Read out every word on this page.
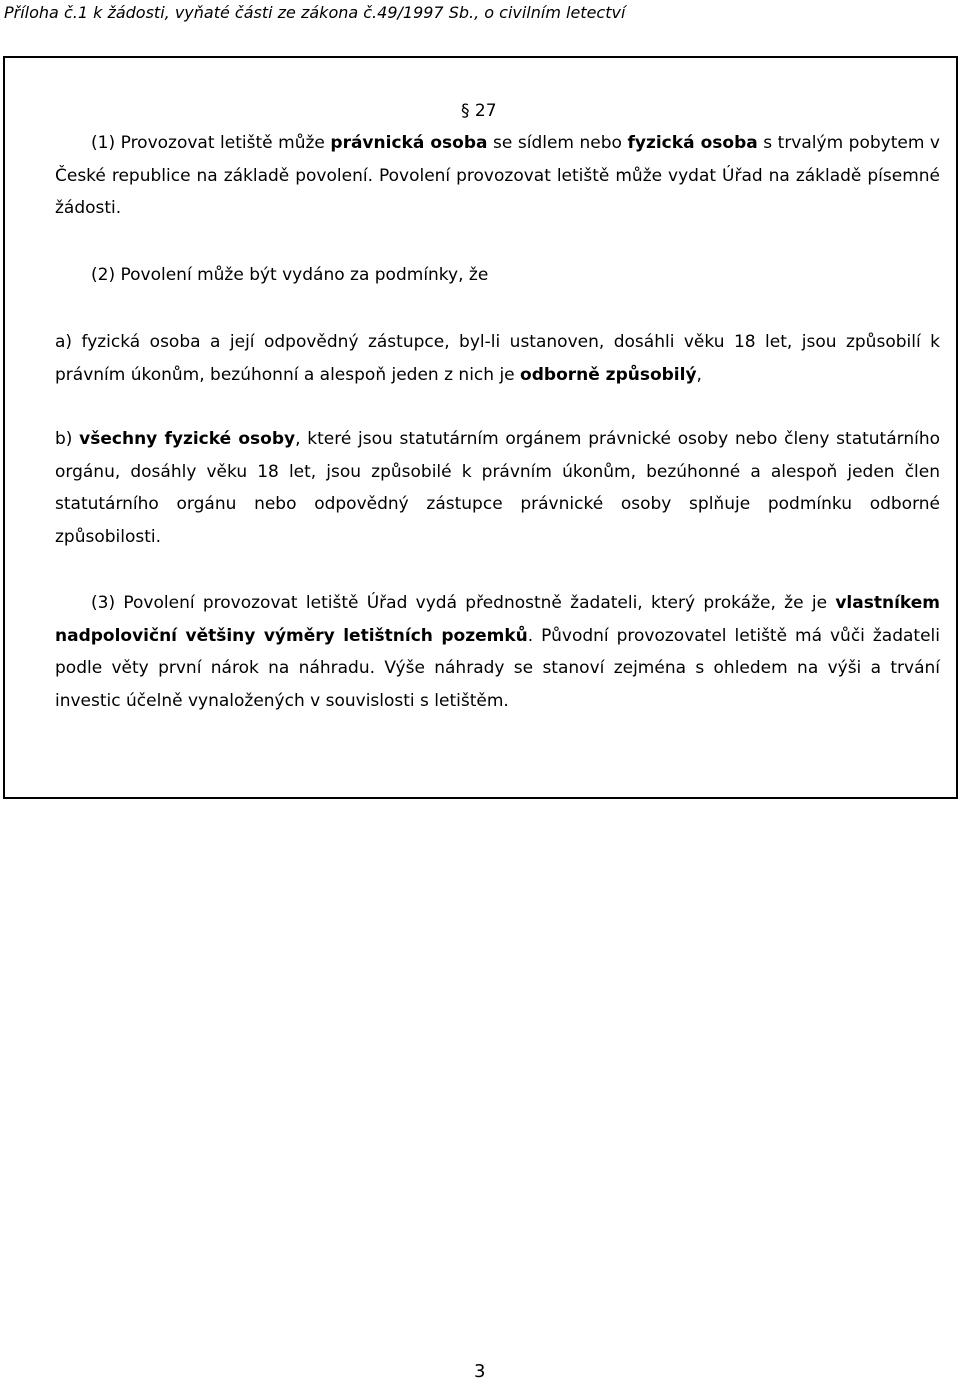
Příloha č.1 k žádosti, vyňaté části ze zákona č.49/1997 Sb., o civilním letectví
§ 27

(1) Provozovat letiště může právnická osoba se sídlem nebo fyzická osoba s trvalým pobytem v České republice na základě povolení. Povolení provozovat letiště může vydat Úřad na základě písemné žádosti.

(2) Povolení může být vydáno za podmínky, že

a) fyzická osoba a její odpovědný zástupce, byl-li ustanoven, dosáhli věku 18 let, jsou způsobilí k právním úkonům, bezúhonní a alespoň jeden z nich je odborně způsobilý,

b) všechny fyzické osoby, které jsou statutárním orgánem právnické osoby nebo členy statutárního orgánu, dosáhly věku 18 let, jsou způsobilé k právním úkonům, bezúhonné a alespoň jeden člen statutárního orgánu nebo odpovědný zástupce právnické osoby splňuje podmínku odborné způsobilosti.

(3) Povolení provozovat letiště Úřad vydá přednostně žadateli, který prokáže, že je vlastníkem nadpoloviční většiny výměry letištních pozemků. Původní provozovatel letiště má vůči žadateli podle věty první nárok na náhradu. Výše náhrady se stanoví zejména s ohledem na výši a trvání investic účelně vynaložených v souvislosti s letištěm.

3
